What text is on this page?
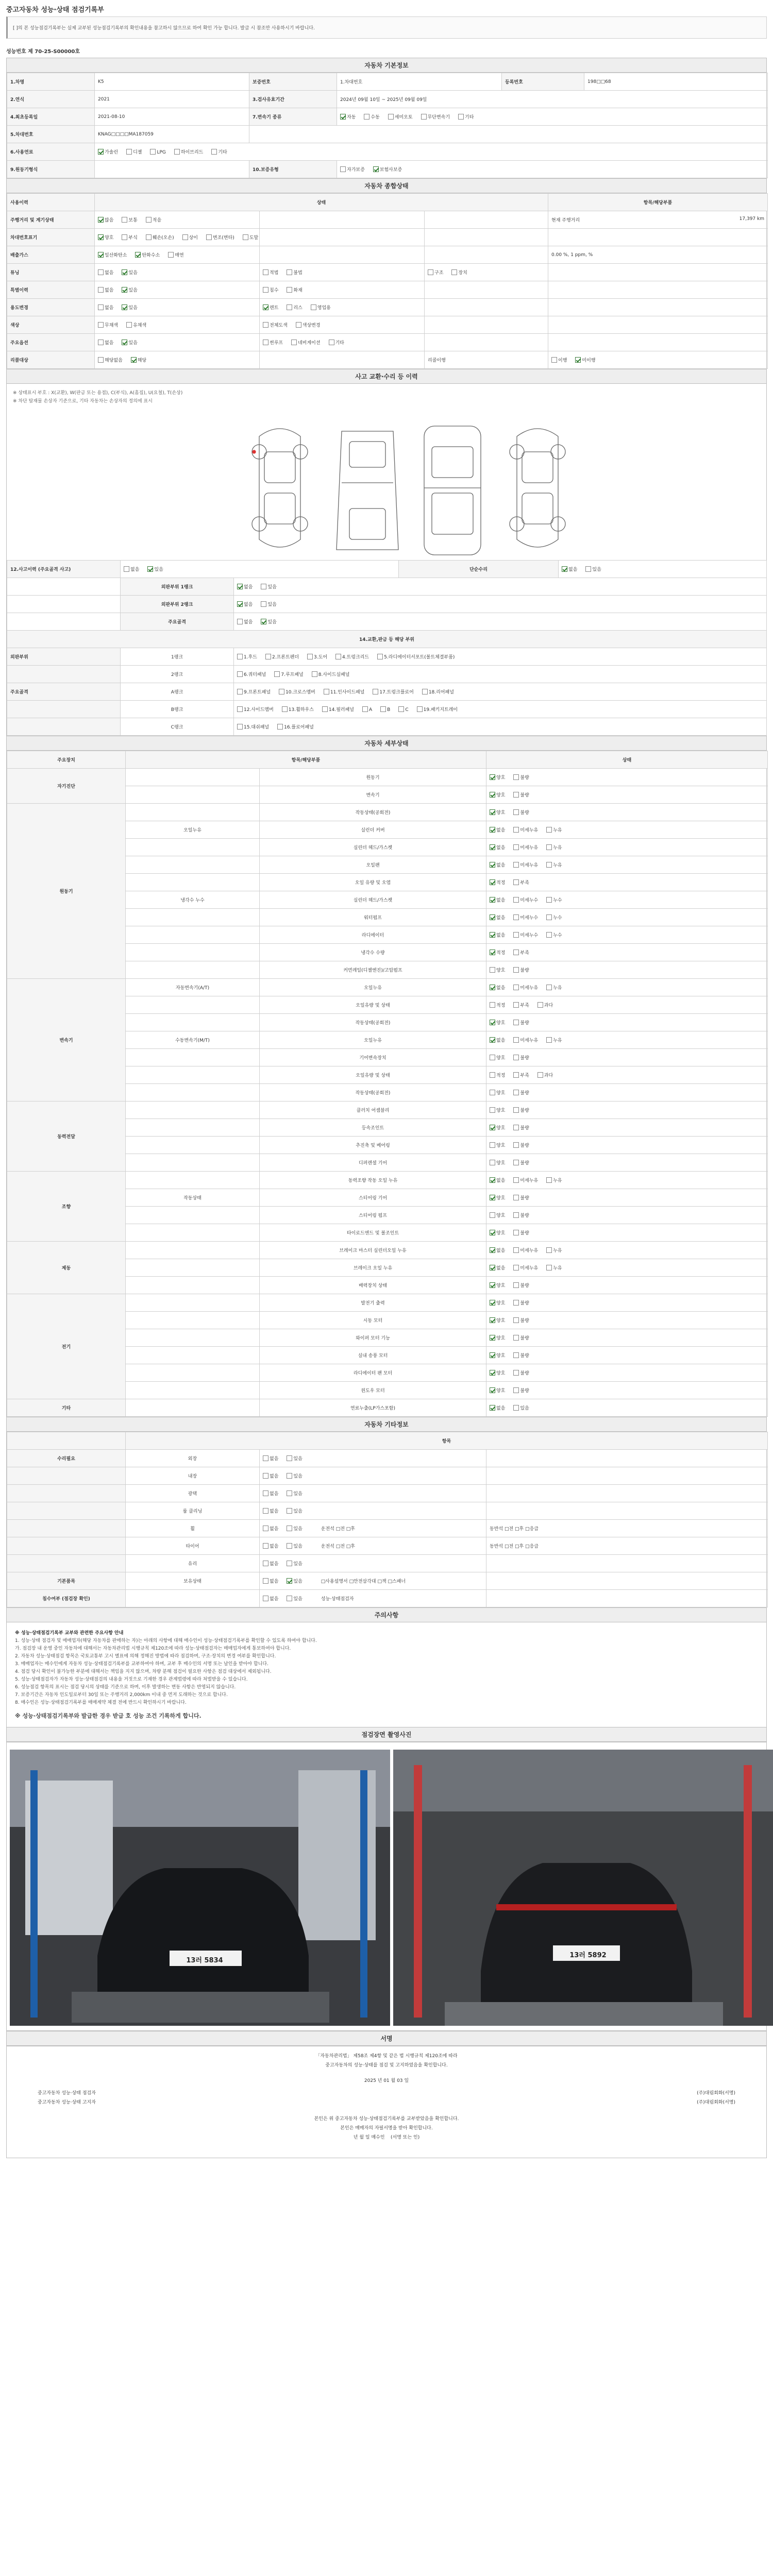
중고자동차 성능·상태 점검기록부
[ ]의 본 성능점검기록부는 실제 교부된 성능점검기록부의 확인내용을 참고하시 않으므로 하여 확인 가능 합니다. 발급 시 참조만 사용하시기 바랍니다.
성능번호 제 70-25-S00000호
자동차 기본정보
1.차명	K5	보증번호	1.차대번호	등록번호	198□□68
2.연식	2021	3.검사유효기간	2024년 09월 10일 ~ 2025년 09월 09일		
4.최초등록일	2021-08-10	7.변속기 종류	자동 수동 세미오토 무단변속기 기타		
5.차대번호	KNAG□□□□MA187059				
6.사용연료	가솔린 디젤 LPG 하이브리드 기타				
9.원동기형식		10.보증유형	자가보증 보험사보증		
자동차 종합상태
사용이력	상태			항목/해당부품
주행거리 및 계기상태	많음 보통 적음			현재 주행거리 17,397 km

차대번호표기	양호 부식 훼손(오손) 상이 변조(변타) 도말			
배출가스	일산화탄소 탄화수소 매연			0.00 %, 1 ppm, %
튜닝	없음 있음	적법 불법	구조 장치	
특별이력	없음 있음	침수 화재		
용도변경	없음 있음	렌트 리스 영업용		
색상	무채색 유채색	전체도색 색상변경		
주요옵션	없음 있음	썬루프 네비게이션 기타		
리콜대상	해당없음 해당		리콜이행	이행 미이행
사고 교환·수리 등 이력
※ 상태표시 부호 : X(교환), W(판금 또는 용접), C(부식), A(흠집), U(요철), T(손상)
※ 차단 탑재물 손상자 기준으로, 기타 자동차는 손상자의 정의에 표시
12.사고이력 (주요골격 사고)	없음 있음		단순수리	없음 있음
	외판부위 1랭크	없음 있음		
	외판부위 2랭크	없음 있음		
	주요골격	없음 있음		
14.교환,판금 등 해당 부위				
외판부위	1랭크	1.후드 2.프론트펜더 3.도어 4.트렁크리드 5.라디에이터서포트(볼트체결부품)		
	2랭크	6.쿼터패널 7.루프패널 8.사이드실패널		
주요골격	A랭크	9.프론트패널 10.크로스멤버 11.인사이드패널 17.트렁크플로어 18.리어패널		
	B랭크	12.사이드멤버 13.휠하우스 14.필러패널 A B C 19.패키지트레이		
	C랭크	15.대쉬패널 16.플로어패널		
자동차 세부상태
주요장치	항목/해당부품		상태
자기진단		원동기	양호 불량
		변속기	양호 불량
원동기		작동상태(공회전)	양호 불량
	오일누유	실린더 커버	없음 미세누유 누유
		실린더 헤드/가스켓	없음 미세누유 누유
		오일팬	없음 미세누유 누유
		오일 유량 및 오염	적정 부족
	냉각수 누수	실린더 헤드/가스켓	없음 미세누수 누수
		워터펌프	없음 미세누수 누수
		라디에이터	없음 미세누수 누수
		냉각수 수량	적정 부족
		커먼레일(디젤엔진)/고압펌프	양호 불량
변속기	자동변속기(A/T)	오일누유	없음 미세누유 누유
		오일유량 및 상태	적정 부족 과다
		작동상태(공회전)	양호 불량
	수동변속기(M/T)	오일누유	없음 미세누유 누유
		기어변속장치	양호 불량
		오일유량 및 상태	적정 부족 과다
		작동상태(공회전)	양호 불량
동력전달		클러치 어셈블리	양호 불량
		등속조인트	양호 불량
		추진축 및 베어링	양호 불량
		디퍼렌셜 기어	양호 불량
조향		동력조향 작동 오일 누유	없음 미세누유 누유
	작동상태	스티어링 기어	양호 불량
		스티어링 펌프	양호 불량
		타이로드엔드 및 볼조인트	양호 불량
제동		브레이크 마스터 실린더오일 누유	없음 미세누유 누유
		브레이크 오일 누유	없음 미세누유 누유
		배력장치 상태	양호 불량
전기		발전기 출력	양호 불량
		시동 모터	양호 불량
		와이퍼 모터 기능	양호 불량
		실내 송풍 모터	양호 불량
		라디에이터 팬 모터	양호 불량
		윈도우 모터	양호 불량
기타		연료누출(LP가스포함)	없음 있음
자동차 기타정보
	항목		
수리필요	외장	없음 있음	
	내장	없음 있음	
	광택	없음 있음	
	룸 클리닝	없음 있음	
	휠	없음 있음 운전석 □전 □후	동반석 □전 □후 □응급
	타이어	없음 있음 운전석 □전 □후	동반석 □전 □후 □응급
	유리	없음 있음	
기본품목	보유상태	없음 있음 □사용설명서 □안전삼각대 □잭 □스패너	
침수여부 (점검장 확인)		없음 있음 성능·상태점검자	
주의사항
※ 성능·상태점검기록부 교부와 관련한 주요사항 안내
1. 성능·상태 점검자 및 매매업자(해당 자동차를 판매하는 자)는 아래의 사항에 대해 매수인이 성능·상태점검기록부를 확인할 수 있도록 하여야 합니다.
가. 점검장 내 운영 중인 자동차에 대해서는 자동차관리법 시행규칙 제120조에 따라 성능·상태점검자는 매매업자에게 통보하여야 합니다.
2. 자동차 성능·상태점검 항목은 국토교통부 고시 별표에 의해 정해진 방법에 따라 점검하며, 구조·장치의 변경 여부를 확인합니다.
3. 매매업자는 매수인에게 자동차 성능·상태점검기록부를 교부하여야 하며, 교부 후 매수인의 서명 또는 날인을 받아야 합니다.
4. 점검 당시 확인이 불가능한 부분에 대해서는 책임을 지지 않으며, 차량 분해 점검이 필요한 사항은 점검 대상에서 제외됩니다.
5. 성능·상태점검자가 자동차 성능·상태점검의 내용을 거짓으로 기재한 경우 관계법령에 따라 처벌받을 수 있습니다.
6. 성능점검 항목의 표시는 점검 당시의 상태를 기준으로 하며, 이후 발생하는 변동 사항은 반영되지 않습니다.
7. 보증기간은 자동차 인도일로부터 30일 또는 주행거리 2,000km 이내 중 먼저 도래하는 것으로 합니다.
8. 매수인은 성능·상태점검기록부를 매매계약 체결 전에 반드시 확인하시기 바랍니다.
※ 성능·상태점검기록부와 발급한 경우 받급 호 성능 조건 기록하게 합니다.
점검장면 촬영사진
13러 5834
13러 5892
서명
「자동차관리법」 제58조 제4항 및 같은 법 시행규칙 제120조에 따라
중고자동차의 성능·상태를 점검 및 고지하였음을 확인합니다.
2025 년 01 월 03 일
중고자동차 성능·상태 점검자	(주)대림회화(서명)
중고자동차 성능·상태 고지자	(주)대림회화(서명)
본인은 위 중고자동차 성능·상태점검기록부를 교부받았음을 확인합니다.
본인은 매매자의 자필서명을 받아 확인합니다.
년 월 일 매수인 (서명 또는 인)
